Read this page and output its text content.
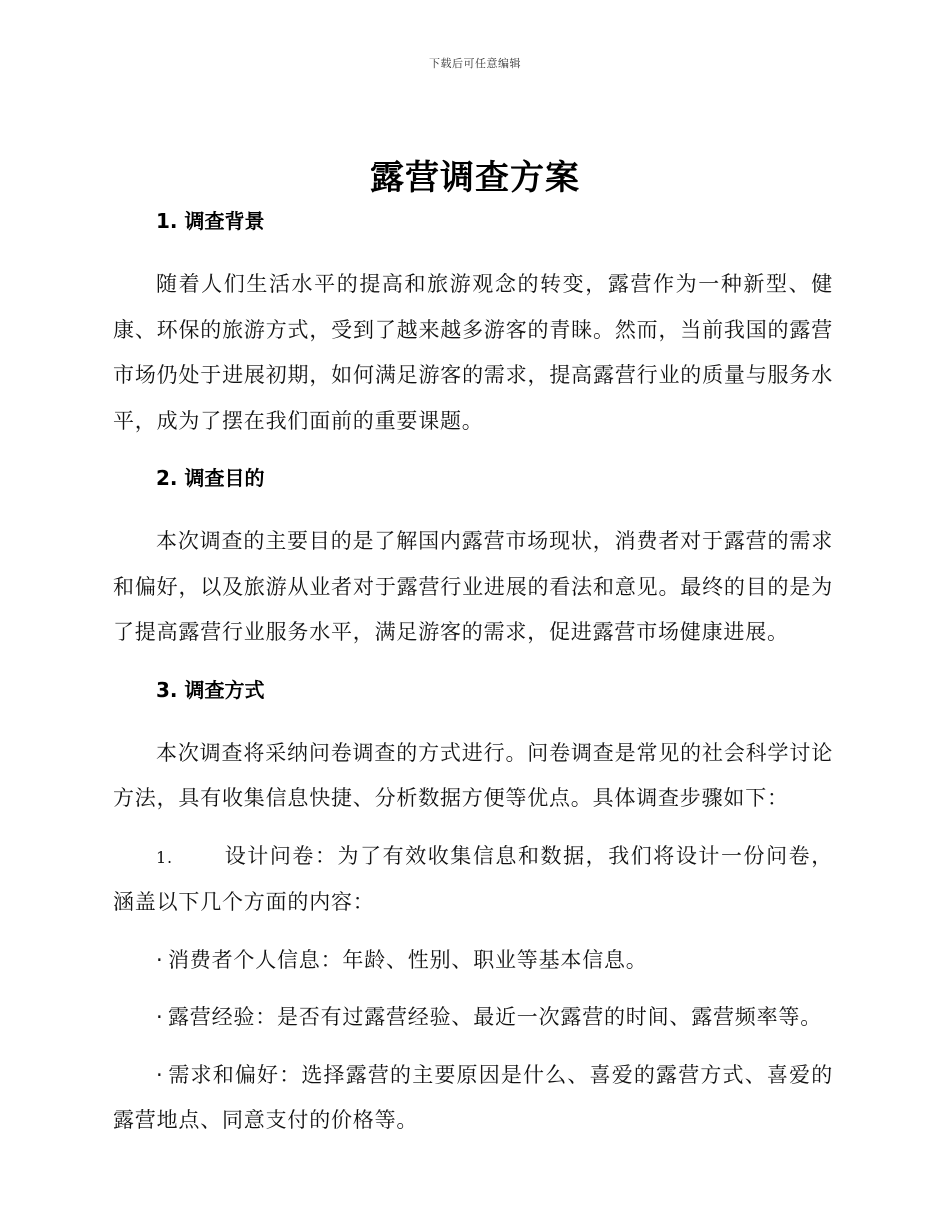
下载后可任意编辑
露营调查方案
1. 调查背景

随着人们生活水平的提高和旅游观念的转变，露营作为一种新型、健康、环保的旅游方式，受到了越来越多游客的青睐。然而，当前我国的露营市场仍处于进展初期，如何满足游客的需求，提高露营行业的质量与服务水平，成为了摆在我们面前的重要课题。

2. 调查目的

本次调查的主要目的是了解国内露营市场现状，消费者对于露营的需求和偏好，以及旅游从业者对于露营行业进展的看法和意见。最终的目的是为了提高露营行业服务水平，满足游客的需求，促进露营市场健康进展。

3. 调查方式

本次调查将采纳问卷调查的方式进行。问卷调查是常见的社会科学讨论方法，具有收集信息快捷、分析数据方便等优点。具体调查步骤如下：

1. 设计问卷：为了有效收集信息和数据，我们将设计一份问卷，涵盖以下几个方面的内容：
· 消费者个人信息：年龄、性别、职业等基本信息。
· 露营经验：是否有过露营经验、最近一次露营的时间、露营频率等。
· 需求和偏好：选择露营的主要原因是什么、喜爱的露营方式、喜爱的露营地点、同意支付的价格等。
